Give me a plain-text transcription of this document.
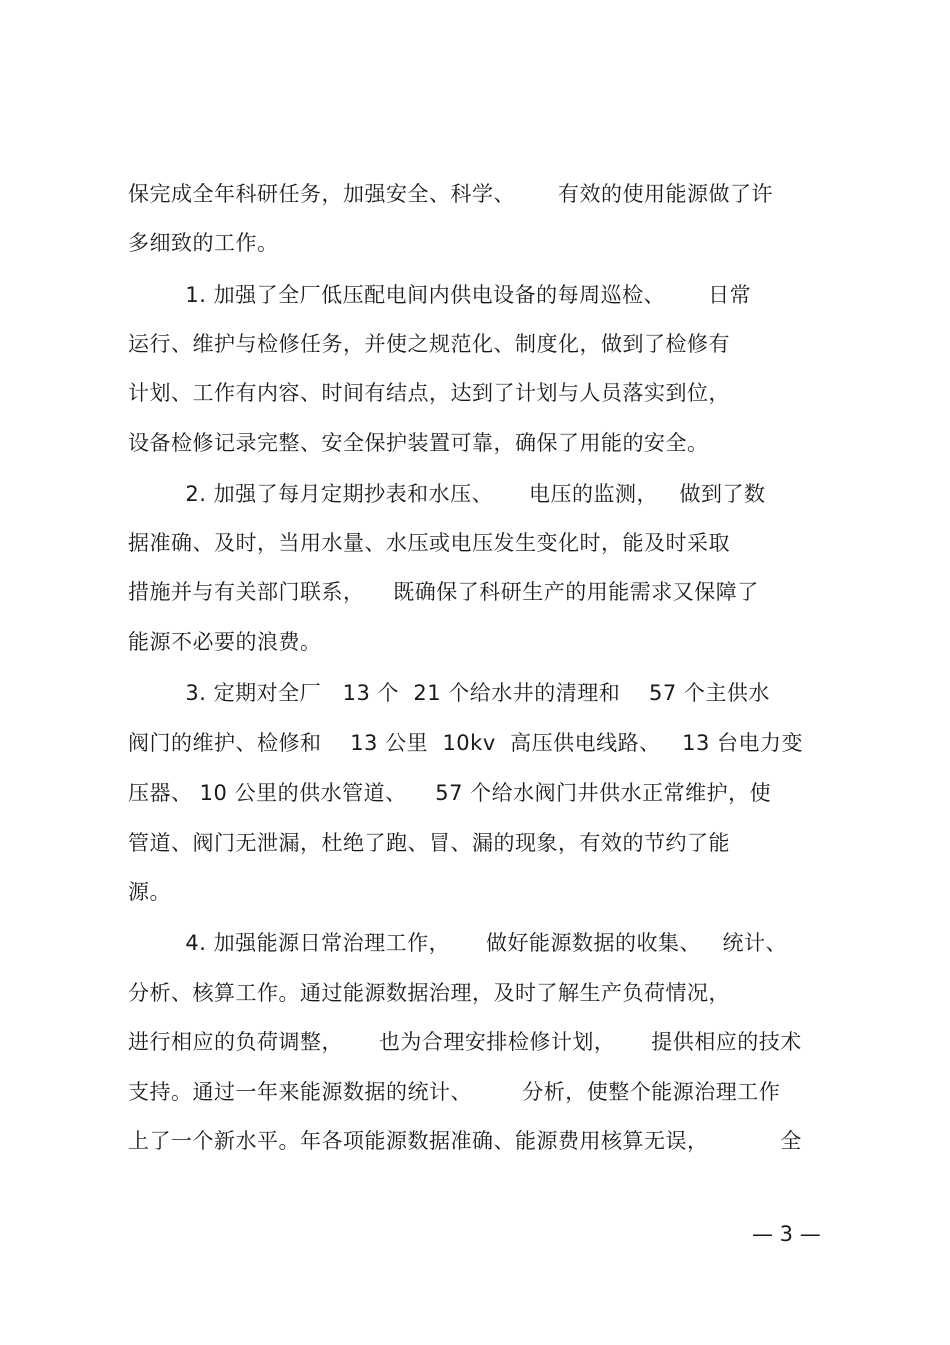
保完成全年科研任务，加强安全、科学、      有效的使用能源做了许
多细致的工作。
1. 加强了全厂低压配电间内供电设备的每周巡检、      日常
运行、维护与检修任务，并使之规范化、制度化，做到了检修有
计划、工作有内容、时间有结点，达到了计划与人员落实到位，
设备检修记录完整、安全保护装置可靠，确保了用能的安全。
2. 加强了每月定期抄表和水压、     电压的监测，   做到了数
据准确、及时，当用水量、水压或电压发生变化时，能及时采取
措施并与有关部门联系，    既确保了科研生产的用能需求又保障了
能源不必要的浪费。
3. 定期对全厂   13 个  21 个给水井的清理和    57 个主供水
阀门的维护、检修和    13 公里  10kv  高压供电线路、   13 台电力变
压器、 10 公里的供水管道、    57 个给水阀门井供水正常维护，使
管道、阀门无泄漏，杜绝了跑、冒、漏的现象，有效的节约了能
源。
4. 加强能源日常治理工作，     做好能源数据的收集、   统计、
分析、核算工作。通过能源数据治理，及时了解生产负荷情况，
进行相应的负荷调整，     也为合理安排检修计划，     提供相应的技术
支持。通过一年来能源数据的统计、       分析，使整个能源治理工作
上了一个新水平。年各项能源数据准确、能源费用核算无误，          全
— 3 —
